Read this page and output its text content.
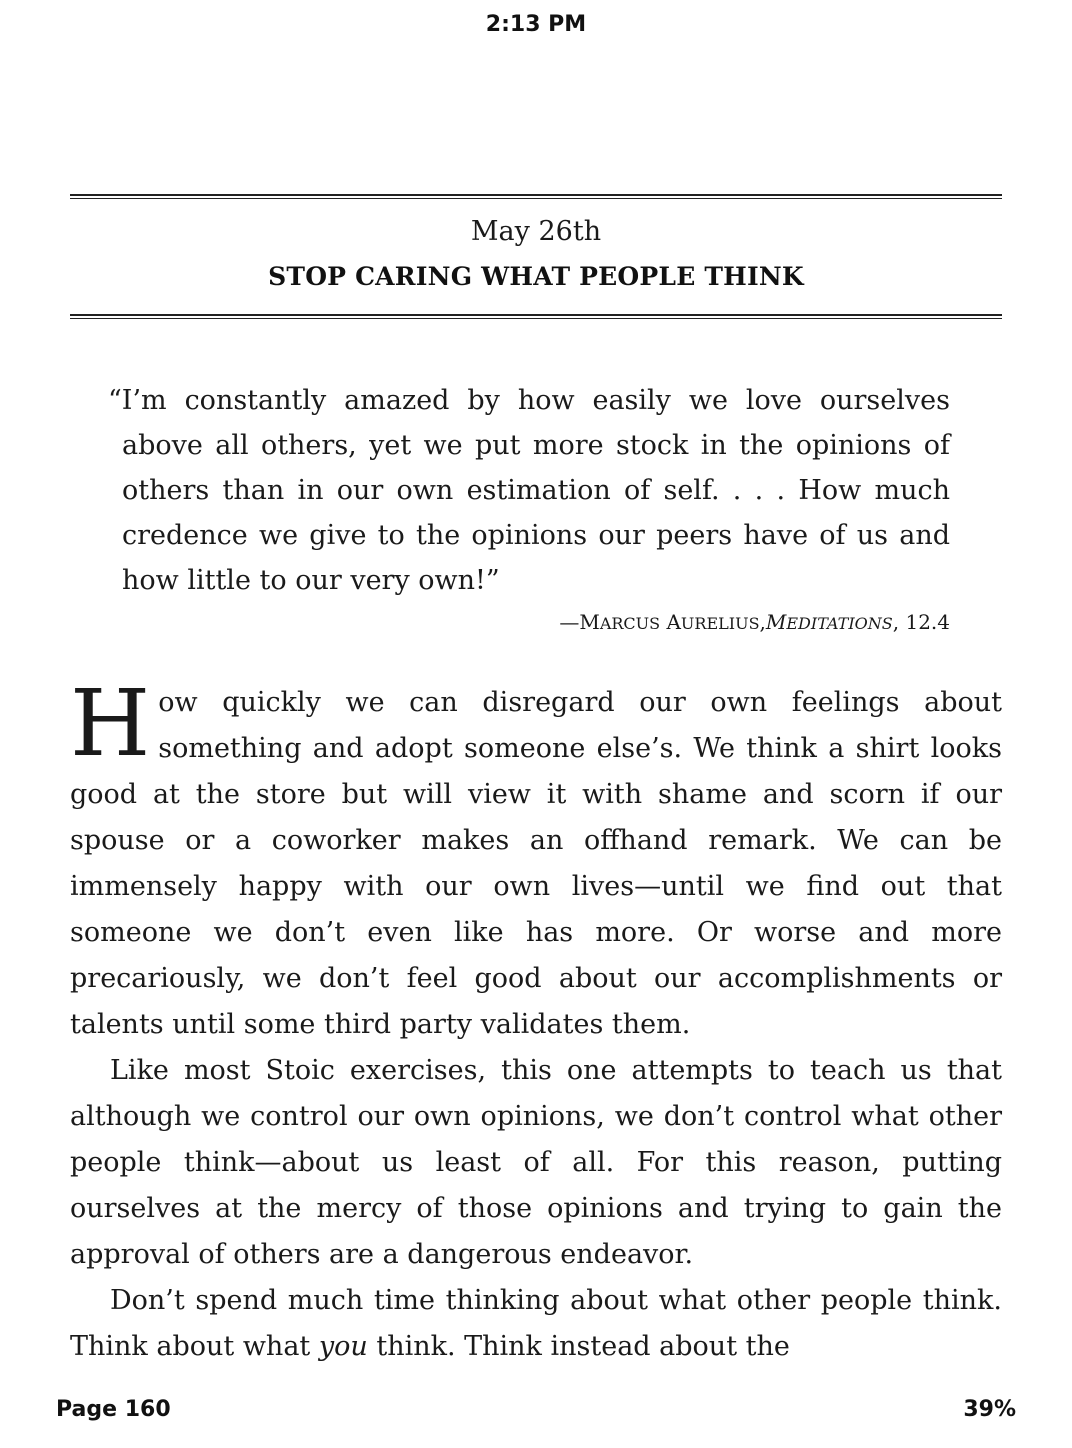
2:13 PM
May 26th
STOP CARING WHAT PEOPLE THINK
“I’m constantly amazed by how easily we love ourselves above all others, yet we put more stock in the opinions of others than in our own estimation of self. . . . How much credence we give to the opinions our peers have of us and how little to our very own!”
—MARCUS AURELIUS,MEDITATIONS, 12.4

How quickly we can disregard our own feelings about something and adopt someone else’s. We think a shirt looks good at the store but will view it with shame and scorn if our spouse or a coworker makes an offhand remark. We can be immensely happy with our own lives—until we find out that someone we don’t even like has more. Or worse and more precariously, we don’t feel good about our accomplishments or talents until some third party validates them.

Like most Stoic exercises, this one attempts to teach us that although we control our own opinions, we don’t control what other people think—about us least of all. For this reason, putting ourselves at the mercy of those opinions and trying to gain the approval of others are a dangerous endeavor.

Don’t spend much time thinking about what other people think. Think about what you think. Think instead about the

Page 160	39%
